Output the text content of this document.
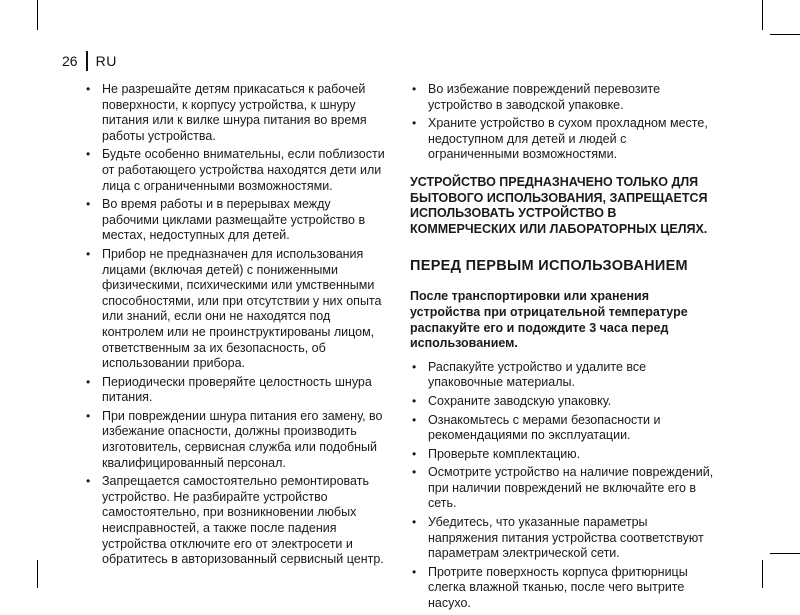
26 RU
• Не разрешайте детям прикасаться к рабочей поверхности, к корпусу устройства, к шнуру питания или к вилке шнура питания во время работы устройства.
• Будьте особенно внимательны, если поблизости от работающего устройства находятся дети или лица с ограниченными возможностями.
• Во время работы и в перерывах между рабочими циклами размещайте устройство в местах, недоступных для детей.
• Прибор не предназначен для использования лицами (включая детей) с пониженными физическими, психическими или умственными способностями, или при отсутствии у них опыта или знаний, если они не находятся под контролем или не проинструктированы лицом, ответственным за их безопасность, об использовании прибора.
• Периодически проверяйте целостность шнура питания.
• При повреждении шнура питания его замену, во избежание опасности, должны производить изготовитель, сервисная служба или подобный квалифицированный персонал.
• Запрещается самостоятельно ремонтировать устройство. Не разбирайте устройство самостоятельно, при возникновении любых неисправностей, а также после падения устройства отключите его от электросети и обратитесь в авторизованный сервисный центр.
• Во избежание повреждений перевозите устройство в заводской упаковке.
• Храните устройство в сухом прохладном месте, недоступном для детей и людей с ограниченными возможностями.

УСТРОЙСТВО ПРЕДНАЗНАЧЕНО ТОЛЬКО ДЛЯ БЫТОВОГО ИСПОЛЬЗОВАНИЯ, ЗАПРЕЩАЕТСЯ ИСПОЛЬЗОВАТЬ УСТРОЙСТВО В КОММЕРЧЕСКИХ ИЛИ ЛАБОРАТОРНЫХ ЦЕЛЯХ.

ПЕРЕД ПЕРВЫМ ИСПОЛЬЗОВАНИЕМ

После транспортировки или хранения устройства при отрицательной температуре распакуйте его и подождите 3 часа перед использованием.

• Распакуйте устройство и удалите все упаковочные материалы.
• Сохраните заводскую упаковку.
• Ознакомьтесь с мерами безопасности и рекомендациями по эксплуатации.
• Проверьте комплектацию.
• Осмотрите устройство на наличие повреждений, при наличии повреждений не включайте его в сеть.
• Убедитесь, что указанные параметры напряжения питания устройства соответствуют параметрам электрической сети.
• Протрите поверхность корпуса фритюрницы слегка влажной тканью, после чего вытрите насухо.
